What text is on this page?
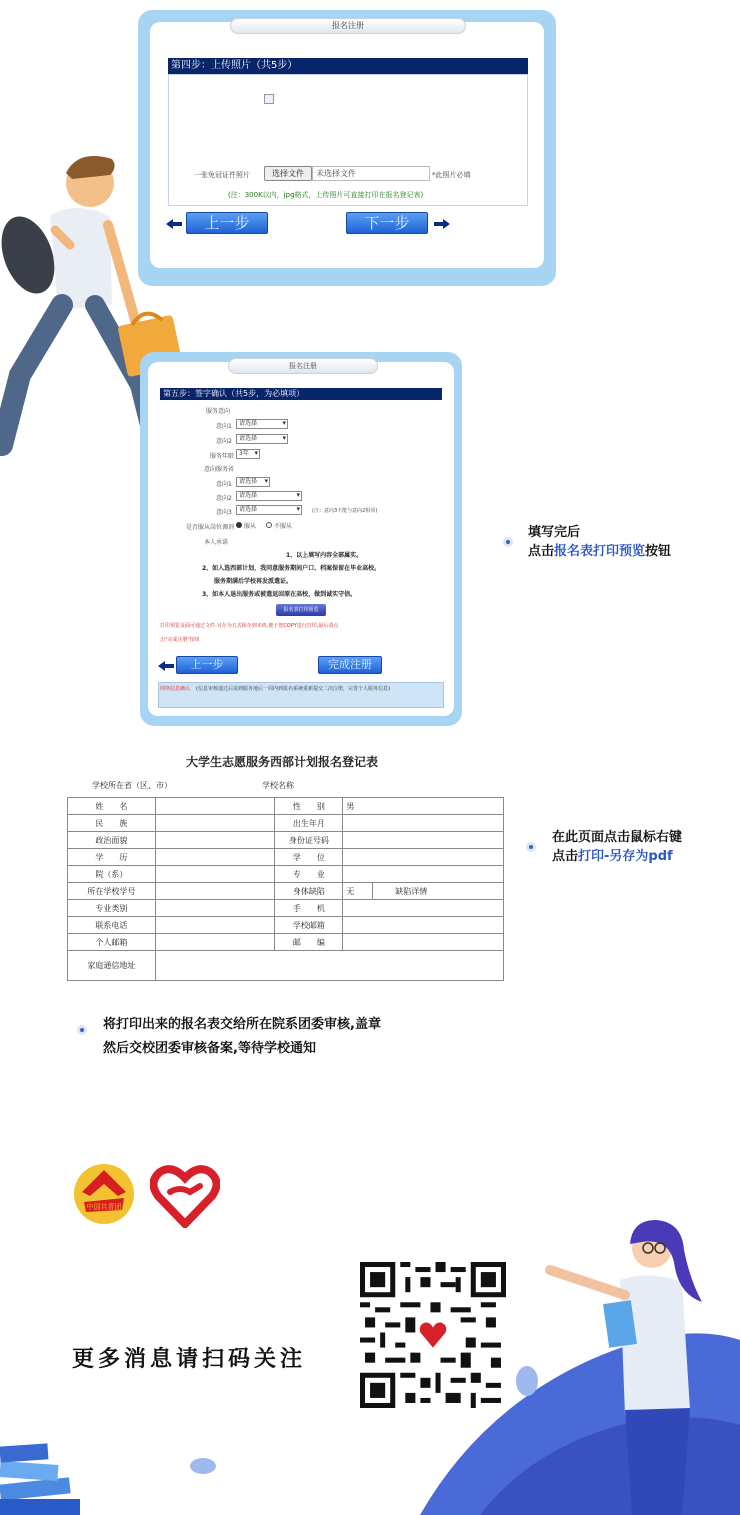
报名注册
第四步：上传照片（共5步）
一张免冠证件照片	选择文件	未选择文件	*此照片必填
(注：300K以内，jpg格式，上传照片可直接打印在报名登记表)
上一步	下一步
报名注册
第五步：签字确认（共5步，为必填项）
服务意向
意向1	请选择 ▾
意向2	请选择 ▾
服务年限 3年 ▾
意向服务省
意向1	请选择 ▾
意向2	请选择 ▾
意向3	请选择 ▾	(注：意向3不能与意向2相同)
是否服从岗位调剂 服从	不服从
本人承诺
1、以上填写内容全部属实。
2、如入选西部计划，我同意服务期间户口、档案保留在毕业高校。
服务期满后学校再发派遣证。
3、如本人退出服务或被遣返回原在高校，做到诚实守信。
报名表打印预览
打印预览页面可通过文件-另存为方式保存到本机,便于您COPY进行打印,最后请点
击"完成注册"按钮
上一步	完成注册
网络信息确认 (信息审核通过后需到服务地后一周内到报名系统重新提交二次注册，完善个人服务信息)
填写完后
点击报名表打印预览按钮
在此页面点击鼠标右键
点击打印-另存为pdf
大学生志愿服务西部计划报名登记表
学校所在省（区、市）	学校名称
姓　　名		性　　别	男	
民　　族		出生年月		
政治面貌		身份证号码		
学　　历		学　　位		
院（系）		专　　业		
所在学校学号		身体缺陷	无	缺陷详情
专业类别		手　　机		
联系电话		学校邮箱		
个人邮箱		邮　　编		
家庭通信地址				
将打印出来的报名表交给所在院系团委审核,盖章
然后交校团委审核备案,等待学校通知
中国共青团
更多消息请扫码关注
